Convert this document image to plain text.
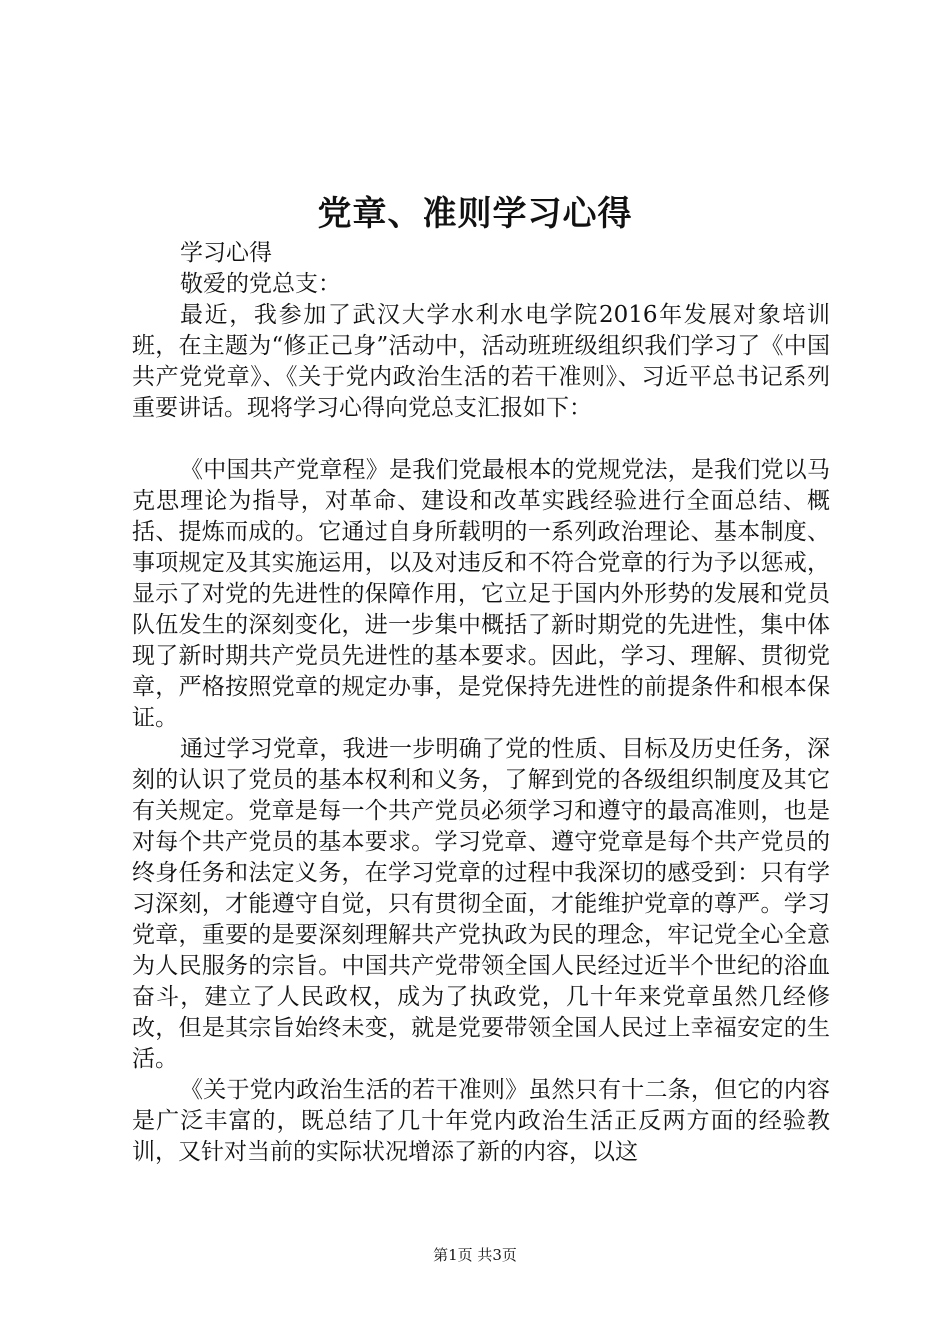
党章、准则学习心得

学习心得

敬爱的党总支：

最近，我参加了武汉大学水利水电学院2016年发展对象培训班，在主题为“修正己身”活动中，活动班班级组织我们学习了《中国共产党党章》、《关于党内政治生活的若干准则》、习近平总书记系列重要讲话。现将学习心得向党总支汇报如下：

《中国共产党章程》是我们党最根本的党规党法，是我们党以马克思理论为指导，对革命、建设和改革实践经验进行全面总结、概括、提炼而成的。它通过自身所载明的一系列政治理论、基本制度、事项规定及其实施运用，以及对违反和不符合党章的行为予以惩戒，显示了对党的先进性的保障作用，它立足于国内外形势的发展和党员队伍发生的深刻变化，进一步集中概括了新时期党的先进性，集中体现了新时期共产党员先进性的基本要求。因此，学习、理解、贯彻党章，严格按照党章的规定办事，是党保持先进性的前提条件和根本保证。

通过学习党章，我进一步明确了党的性质、目标及历史任务，深刻的认识了党员的基本权利和义务，了解到党的各级组织制度及其它有关规定。党章是每一个共产党员必须学习和遵守的最高准则，也是对每个共产党员的基本要求。学习党章、遵守党章是每个共产党员的终身任务和法定义务，在学习党章的过程中我深切的感受到：只有学习深刻，才能遵守自觉，只有贯彻全面，才能维护党章的尊严。学习党章，重要的是要深刻理解共产党执政为民的理念，牢记党全心全意为人民服务的宗旨。中国共产党带领全国人民经过近半个世纪的浴血奋斗，建立了人民政权，成为了执政党，几十年来党章虽然几经修改，但是其宗旨始终未变，就是党要带领全国人民过上幸福安定的生活。

《关于党内政治生活的若干准则》虽然只有十二条，但它的内容是广泛丰富的，既总结了几十年党内政治生活正反两方面的经验教训，又针对当前的实际状况增添了新的内容，以这

第1页 共3页
